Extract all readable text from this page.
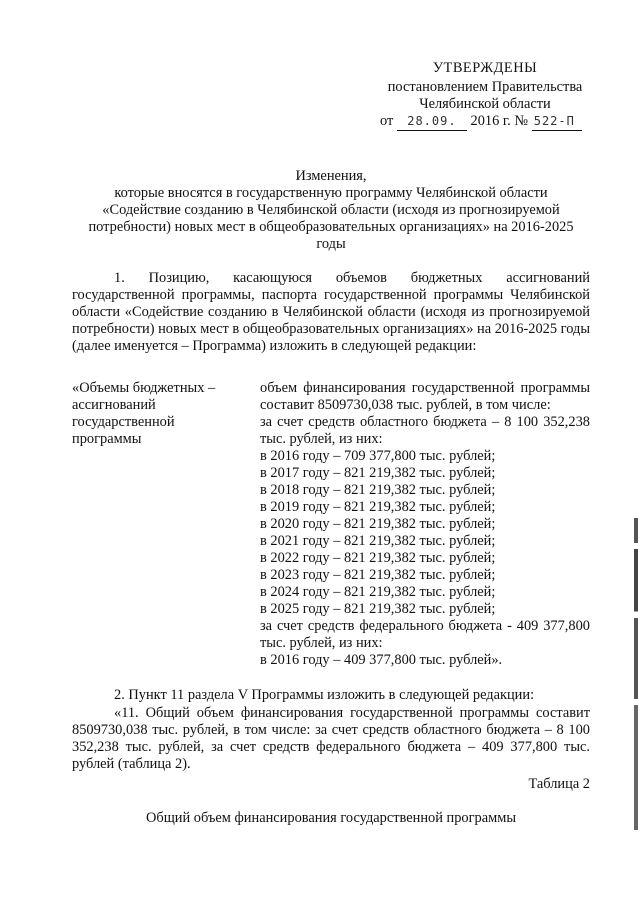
УТВЕРЖДЕНЫ
постановлением Правительства
Челябинской области
от 28.09. 2016 г. № 522-П
Изменения,
которые вносятся в государственную программу Челябинской области
«Содействие созданию в Челябинской области (исходя из прогнозируемой
потребности) новых мест в общеобразовательных организациях» на 2016-2025
годы
1. Позицию, касающуюся объемов бюджетных ассигнований государственной программы, паспорта государственной программы Челябинской области «Содействие созданию в Челябинской области (исходя из прогнозируемой потребности) новых мест в общеобразовательных организациях» на 2016-2025 годы (далее именуется – Программа) изложить в следующей редакции:
«Объемы бюджетных – ассигнований государственной программы
объем финансирования государственной программы составит 8509730,038 тыс. рублей, в том числе:
за счет средств областного бюджета – 8 100 352,238 тыс. рублей, из них:
в 2016 году – 709 377,800 тыс. рублей;
в 2017 году – 821 219,382 тыс. рублей;
в 2018 году – 821 219,382 тыс. рублей;
в 2019 году – 821 219,382 тыс. рублей;
в 2020 году – 821 219,382 тыс. рублей;
в 2021 году – 821 219,382 тыс. рублей;
в 2022 году – 821 219,382 тыс. рублей;
в 2023 году – 821 219,382 тыс. рублей;
в 2024 году – 821 219,382 тыс. рублей;
в 2025 году – 821 219,382 тыс. рублей;
за счет средств федерального бюджета - 409 377,800 тыс. рублей, из них:
в 2016 году – 409 377,800 тыс. рублей».
2. Пункт 11 раздела V Программы изложить в следующей редакции:
«11. Общий объем финансирования государственной программы составит 8509730,038 тыс. рублей, в том числе: за счет средств областного бюджета – 8 100 352,238 тыс. рублей, за счет средств федерального бюджета – 409 377,800 тыс. рублей (таблица 2).
Таблица 2
Общий объем финансирования государственной программы
